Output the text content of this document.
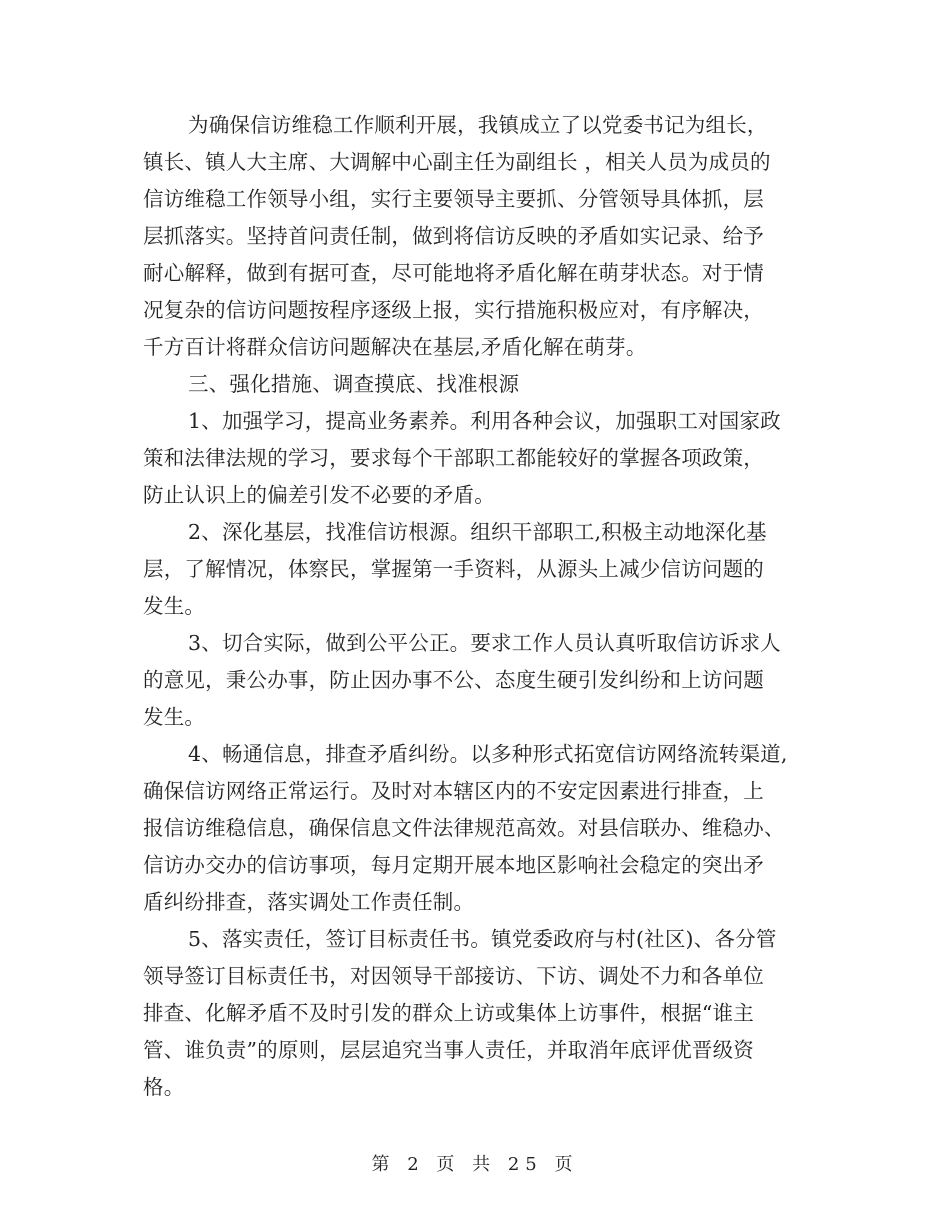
为确保信访维稳工作顺利开展，我镇成立了以党委书记为组长，
镇长、镇人大主席、大调解中心副主任为副组长 ，相关人员为成员的
信访维稳工作领导小组，实行主要领导主要抓、分管领导具体抓，层
层抓落实。坚持首问责任制，做到将信访反映的矛盾如实记录、给予
耐心解释，做到有据可查，尽可能地将矛盾化解在萌芽状态。对于情
况复杂的信访问题按程序逐级上报，实行措施积极应对，有序解决，
千方百计将群众信访问题解决在基层,矛盾化解在萌芽。
三、强化措施、调查摸底、找准根源
1、加强学习，提高业务素养。利用各种会议，加强职工对国家政
策和法律法规的学习，要求每个干部职工都能较好的掌握各项政策，
防止认识上的偏差引发不必要的矛盾。
2、深化基层，找准信访根源。组织干部职工,积极主动地深化基
层，了解情况，体察民，掌握第一手资料，从源头上减少信访问题的
发生。
3、切合实际，做到公平公正。要求工作人员认真听取信访诉求人
的意见，秉公办事，防止因办事不公、态度生硬引发纠纷和上访问题
发生。
4、畅通信息，排查矛盾纠纷。以多种形式拓宽信访网络流转渠道,
确保信访网络正常运行。及时对本辖区内的不安定因素进行排查，上
报信访维稳信息，确保信息文件法律规范高效。对县信联办、维稳办、
信访办交办的信访事项，每月定期开展本地区影响社会稳定的突出矛
盾纠纷排查，落实调处工作责任制。
5、落实责任，签订目标责任书。镇党委政府与村(社区)、各分管
领导签订目标责任书，对因领导干部接访、下访、调处不力和各单位
排查、化解矛盾不及时引发的群众上访或集体上访事件，根据“谁主
管、谁负责”的原则，层层追究当事人责任，并取消年底评优晋级资
格。
第 2 页 共 25 页
